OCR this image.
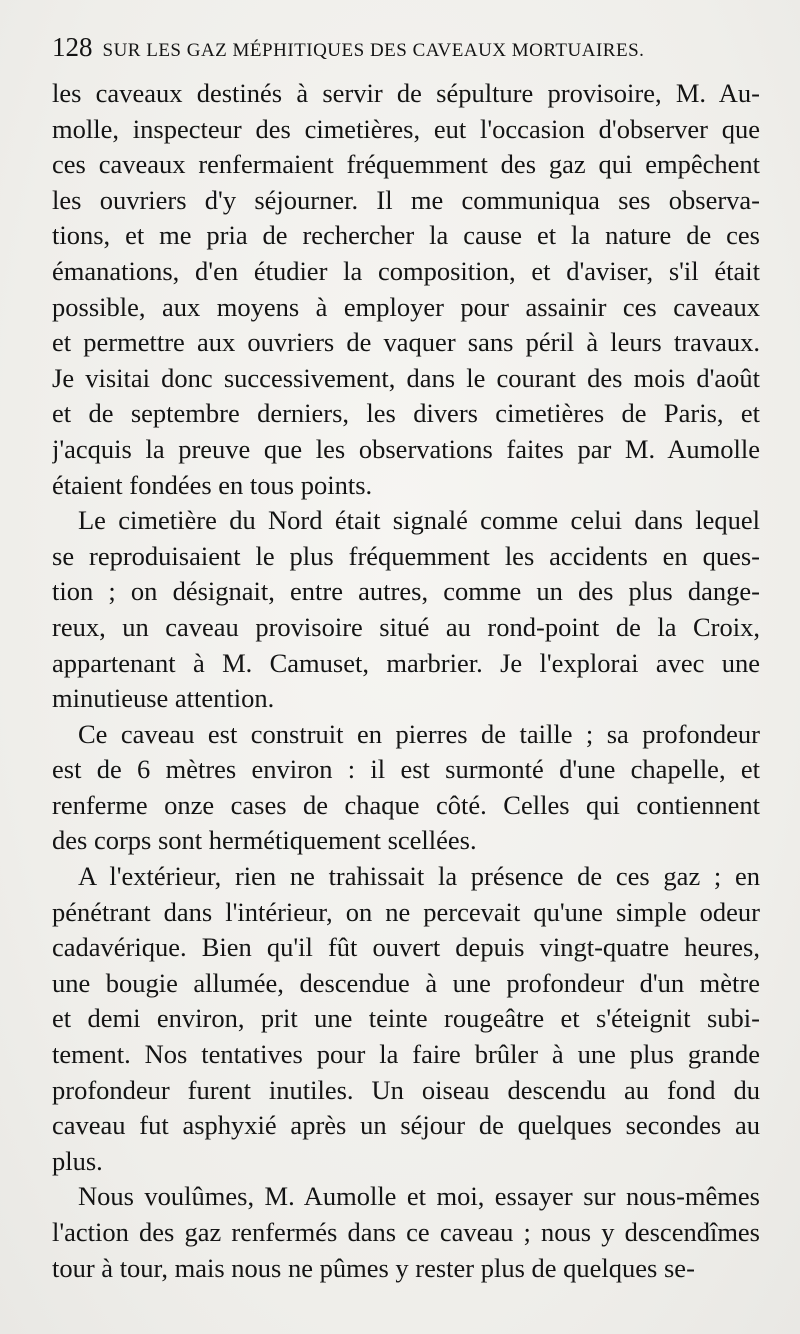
128 SUR LES GAZ MÉPHITIQUES DES CAVEAUX MORTUAIRES.
les caveaux destinés à servir de sépulture provisoire, M. Au-
molle, inspecteur des cimetières, eut l'occasion d'observer que
ces caveaux renfermaient fréquemment des gaz qui empêchent
les ouvriers d'y séjourner. Il me communiqua ses observa-
tions, et me pria de rechercher la cause et la nature de ces
émanations, d'en étudier la composition, et d'aviser, s'il était
possible, aux moyens à employer pour assainir ces caveaux
et permettre aux ouvriers de vaquer sans péril à leurs travaux.
Je visitai donc successivement, dans le courant des mois d'août
et de septembre derniers, les divers cimetières de Paris, et
j'acquis la preuve que les observations faites par M. Aumolle
étaient fondées en tous points.
Le cimetière du Nord était signalé comme celui dans lequel
se reproduisaient le plus fréquemment les accidents en ques-
tion ; on désignait, entre autres, comme un des plus dange-
reux, un caveau provisoire situé au rond-point de la Croix,
appartenant à M. Camuset, marbrier. Je l'explorai avec une
minutieuse attention.
Ce caveau est construit en pierres de taille ; sa profondeur
est de 6 mètres environ : il est surmonté d'une chapelle, et
renferme onze cases de chaque côté. Celles qui contiennent
des corps sont hermétiquement scellées.
A l'extérieur, rien ne trahissait la présence de ces gaz ; en
pénétrant dans l'intérieur, on ne percevait qu'une simple odeur
cadavérique. Bien qu'il fût ouvert depuis vingt-quatre heures,
une bougie allumée, descendue à une profondeur d'un mètre
et demi environ, prit une teinte rougeâtre et s'éteignit subi-
tement. Nos tentatives pour la faire brûler à une plus grande
profondeur furent inutiles. Un oiseau descendu au fond du
caveau fut asphyxié après un séjour de quelques secondes au
plus.
Nous voulûmes, M. Aumolle et moi, essayer sur nous-mêmes
l'action des gaz renfermés dans ce caveau ; nous y descendîmes
tour à tour, mais nous ne pûmes y rester plus de quelques se-
